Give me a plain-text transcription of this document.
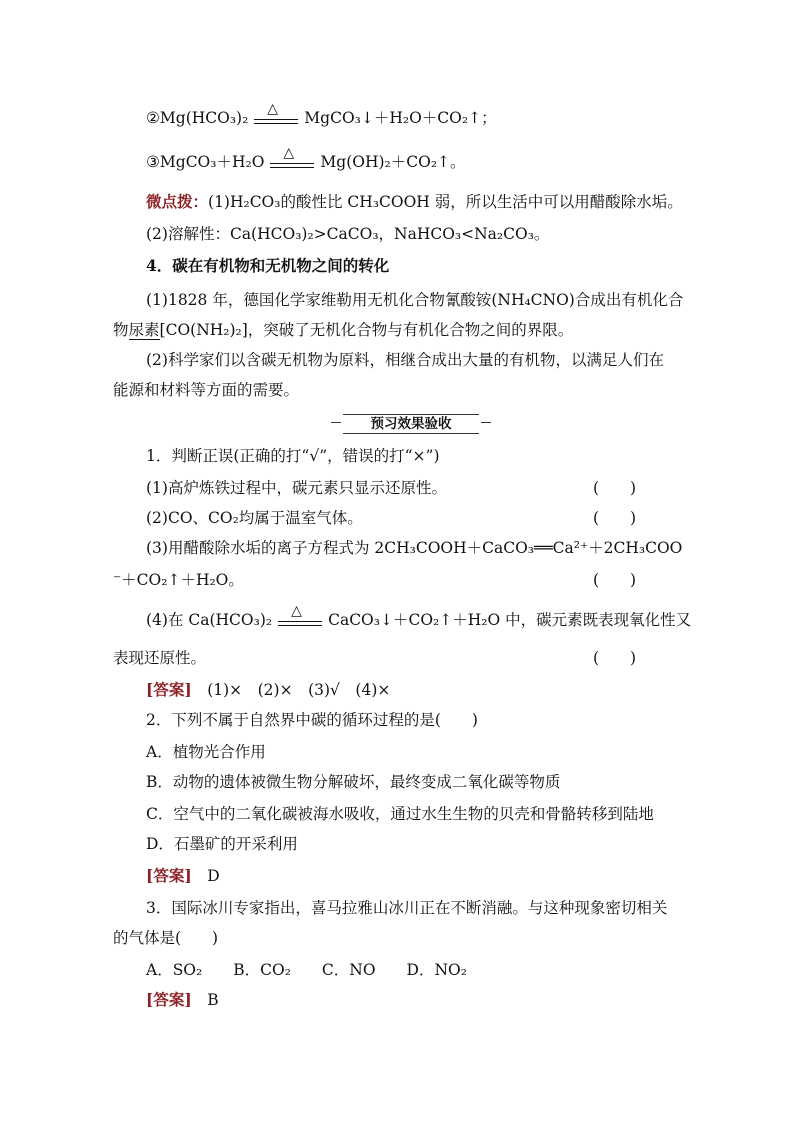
②Mg(HCO₃)₂ △ MgCO₃↓＋H₂O＋CO₂↑；
③MgCO₃＋H₂O △ Mg(OH)₂＋CO₂↑。
微点拨：(1)H₂CO₃的酸性比 CH₃COOH 弱，所以生活中可以用醋酸除水垢。
(2)溶解性：Ca(HCO₃)₂>CaCO₃，NaHCO₃<Na₂CO₃。
4．碳在有机物和无机物之间的转化
(1)1828 年，德国化学家维勒用无机化合物氰酸铵(NH₄CNO)合成出有机化合
物尿素[CO(NH₂)₂]，突破了无机化合物与有机化合物之间的界限。
(2)科学家们以含碳无机物为原料，相继合成出大量的有机物，以满足人们在
能源和材料等方面的需要。
预习效果验收
1．判断正误(正确的打“√”，错误的打“×”)
(1)高炉炼铁过程中，碳元素只显示还原性。	(　　)
(2)CO、CO₂均属于温室气体。	(　　)
(3)用醋酸除水垢的离子方程式为 2CH₃COOH＋CaCO₃══Ca²⁺＋2CH₃COO
⁻＋CO₂↑＋H₂O。	(　　)
(4)在 Ca(HCO₃)₂ △ CaCO₃↓＋CO₂↑＋H₂O 中，碳元素既表现氧化性又
表现还原性。	(　　)
[答案]　 (1)×　(2)×　(3)√　(4)×
2．下列不属于自然界中碳的循环过程的是(　　)
A．植物光合作用
B．动物的遗体被微生物分解破坏，最终变成二氧化碳等物质
C．空气中的二氧化碳被海水吸收，通过水生生物的贝壳和骨骼转移到陆地
D．石墨矿的开采利用
[答案]　 D
3．国际冰川专家指出，喜马拉雅山冰川正在不断消融。与这种现象密切相关
的气体是(　　)
A．SO₂　　B．CO₂　　C．NO　　D．NO₂
[答案]　 B
